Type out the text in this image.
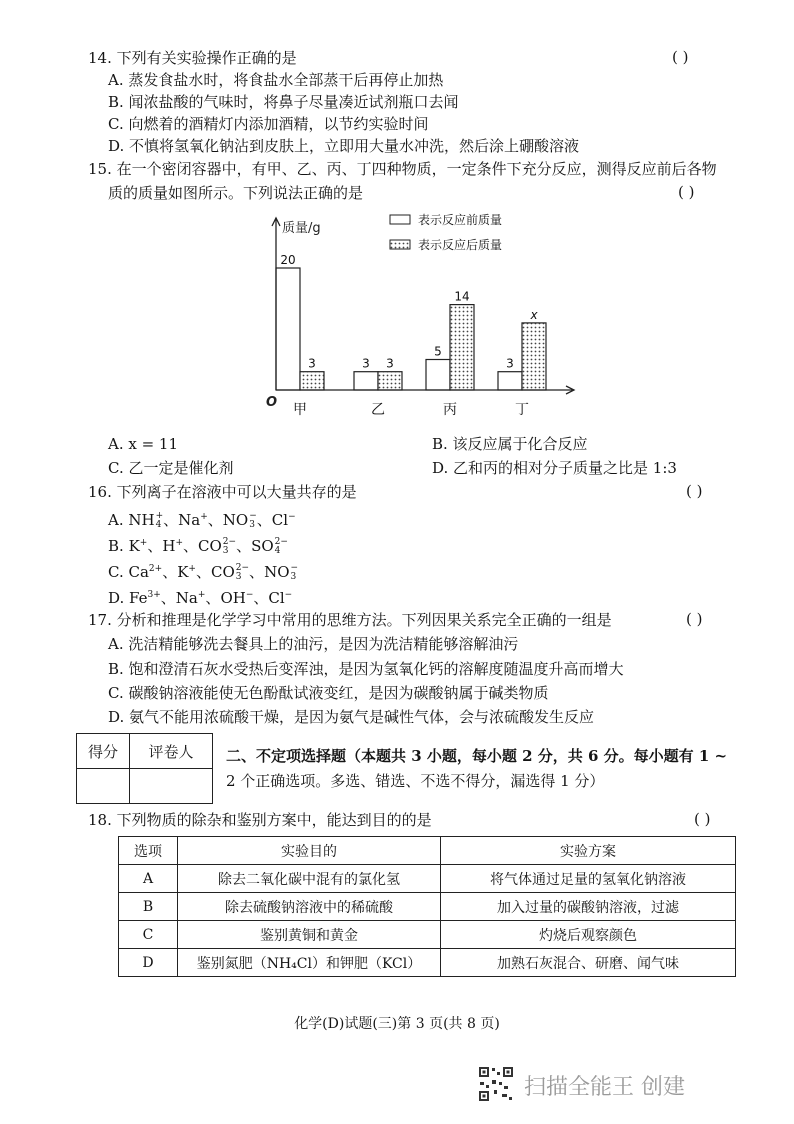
14. 下列有关实验操作正确的是	( )
A. 蒸发食盐水时，将食盐水全部蒸干后再停止加热
B. 闻浓盐酸的气味时，将鼻子尽量凑近试剂瓶口去闻
C. 向燃着的酒精灯内添加酒精，以节约实验时间
D. 不慎将氢氧化钠沾到皮肤上，立即用大量水冲洗，然后涂上硼酸溶液
15. 在一个密闭容器中，有甲、乙、丙、丁四种物质，一定条件下充分反应，测得反应前后各物
质的质量如图所示。下列说法正确的是	( )
表示反应前质量
表示反应后质量
20
3
甲
3 3
乙
5
14
丙
3
x
丁
质量/g
O
A. x = 11	B. 该反应属于化合反应
C. 乙一定是催化剂	D. 乙和丙的相对分子质量之比是 1:3
16. 下列离子在溶液中可以大量共存的是	( )
A. NH +
4 、Na+、NO −
3 、Cl−
B. K+、H+、CO 2−
3 、SO 2−
4
C. $Ca^{2+}$、K+、CO 2−
3 、NO −
3
D. $Fe^{3+}$、Na+、OH−、Cl−
17. 分析和推理是化学学习中常用的思维方法。下列因果关系完全正确的一组是	( )
A. 洗洁精能够洗去餐具上的油污，是因为洗洁精能够溶解油污
B. 饱和澄清石灰水受热后变浑浊，是因为氢氧化钙的溶解度随温度升高而增大
C. 碳酸钠溶液能使无色酚酞试液变红，是因为碳酸钠属于碱类物质
D. 氨气不能用浓硫酸干燥，是因为氨气是碱性气体，会与浓硫酸发生反应
得分	评卷人
	二、不定项选择题（本题共 3 小题，每小题 2 分，共 6 分。每小题有 1 ~
2 个正确选项。多选、错选、不选不得分，漏选得 1 分）
18. 下列物质的除杂和鉴别方案中，能达到目的的是	( )
选项	实验目的	实验方案
A	除去二氧化碳中混有的氯化氢	将气体通过足量的氢氧化钠溶液
B	除去硫酸钠溶液中的稀硫酸	加入过量的碳酸钠溶液，过滤
C	鉴别黄铜和黄金	灼烧后观察颜色
D	鉴别氮肥（NH₄Cl）和钾肥（KCl）	加熟石灰混合、研磨、闻气味
化学(D)试题(三)第 3 页(共 8 页)
扫描全能王 创建
